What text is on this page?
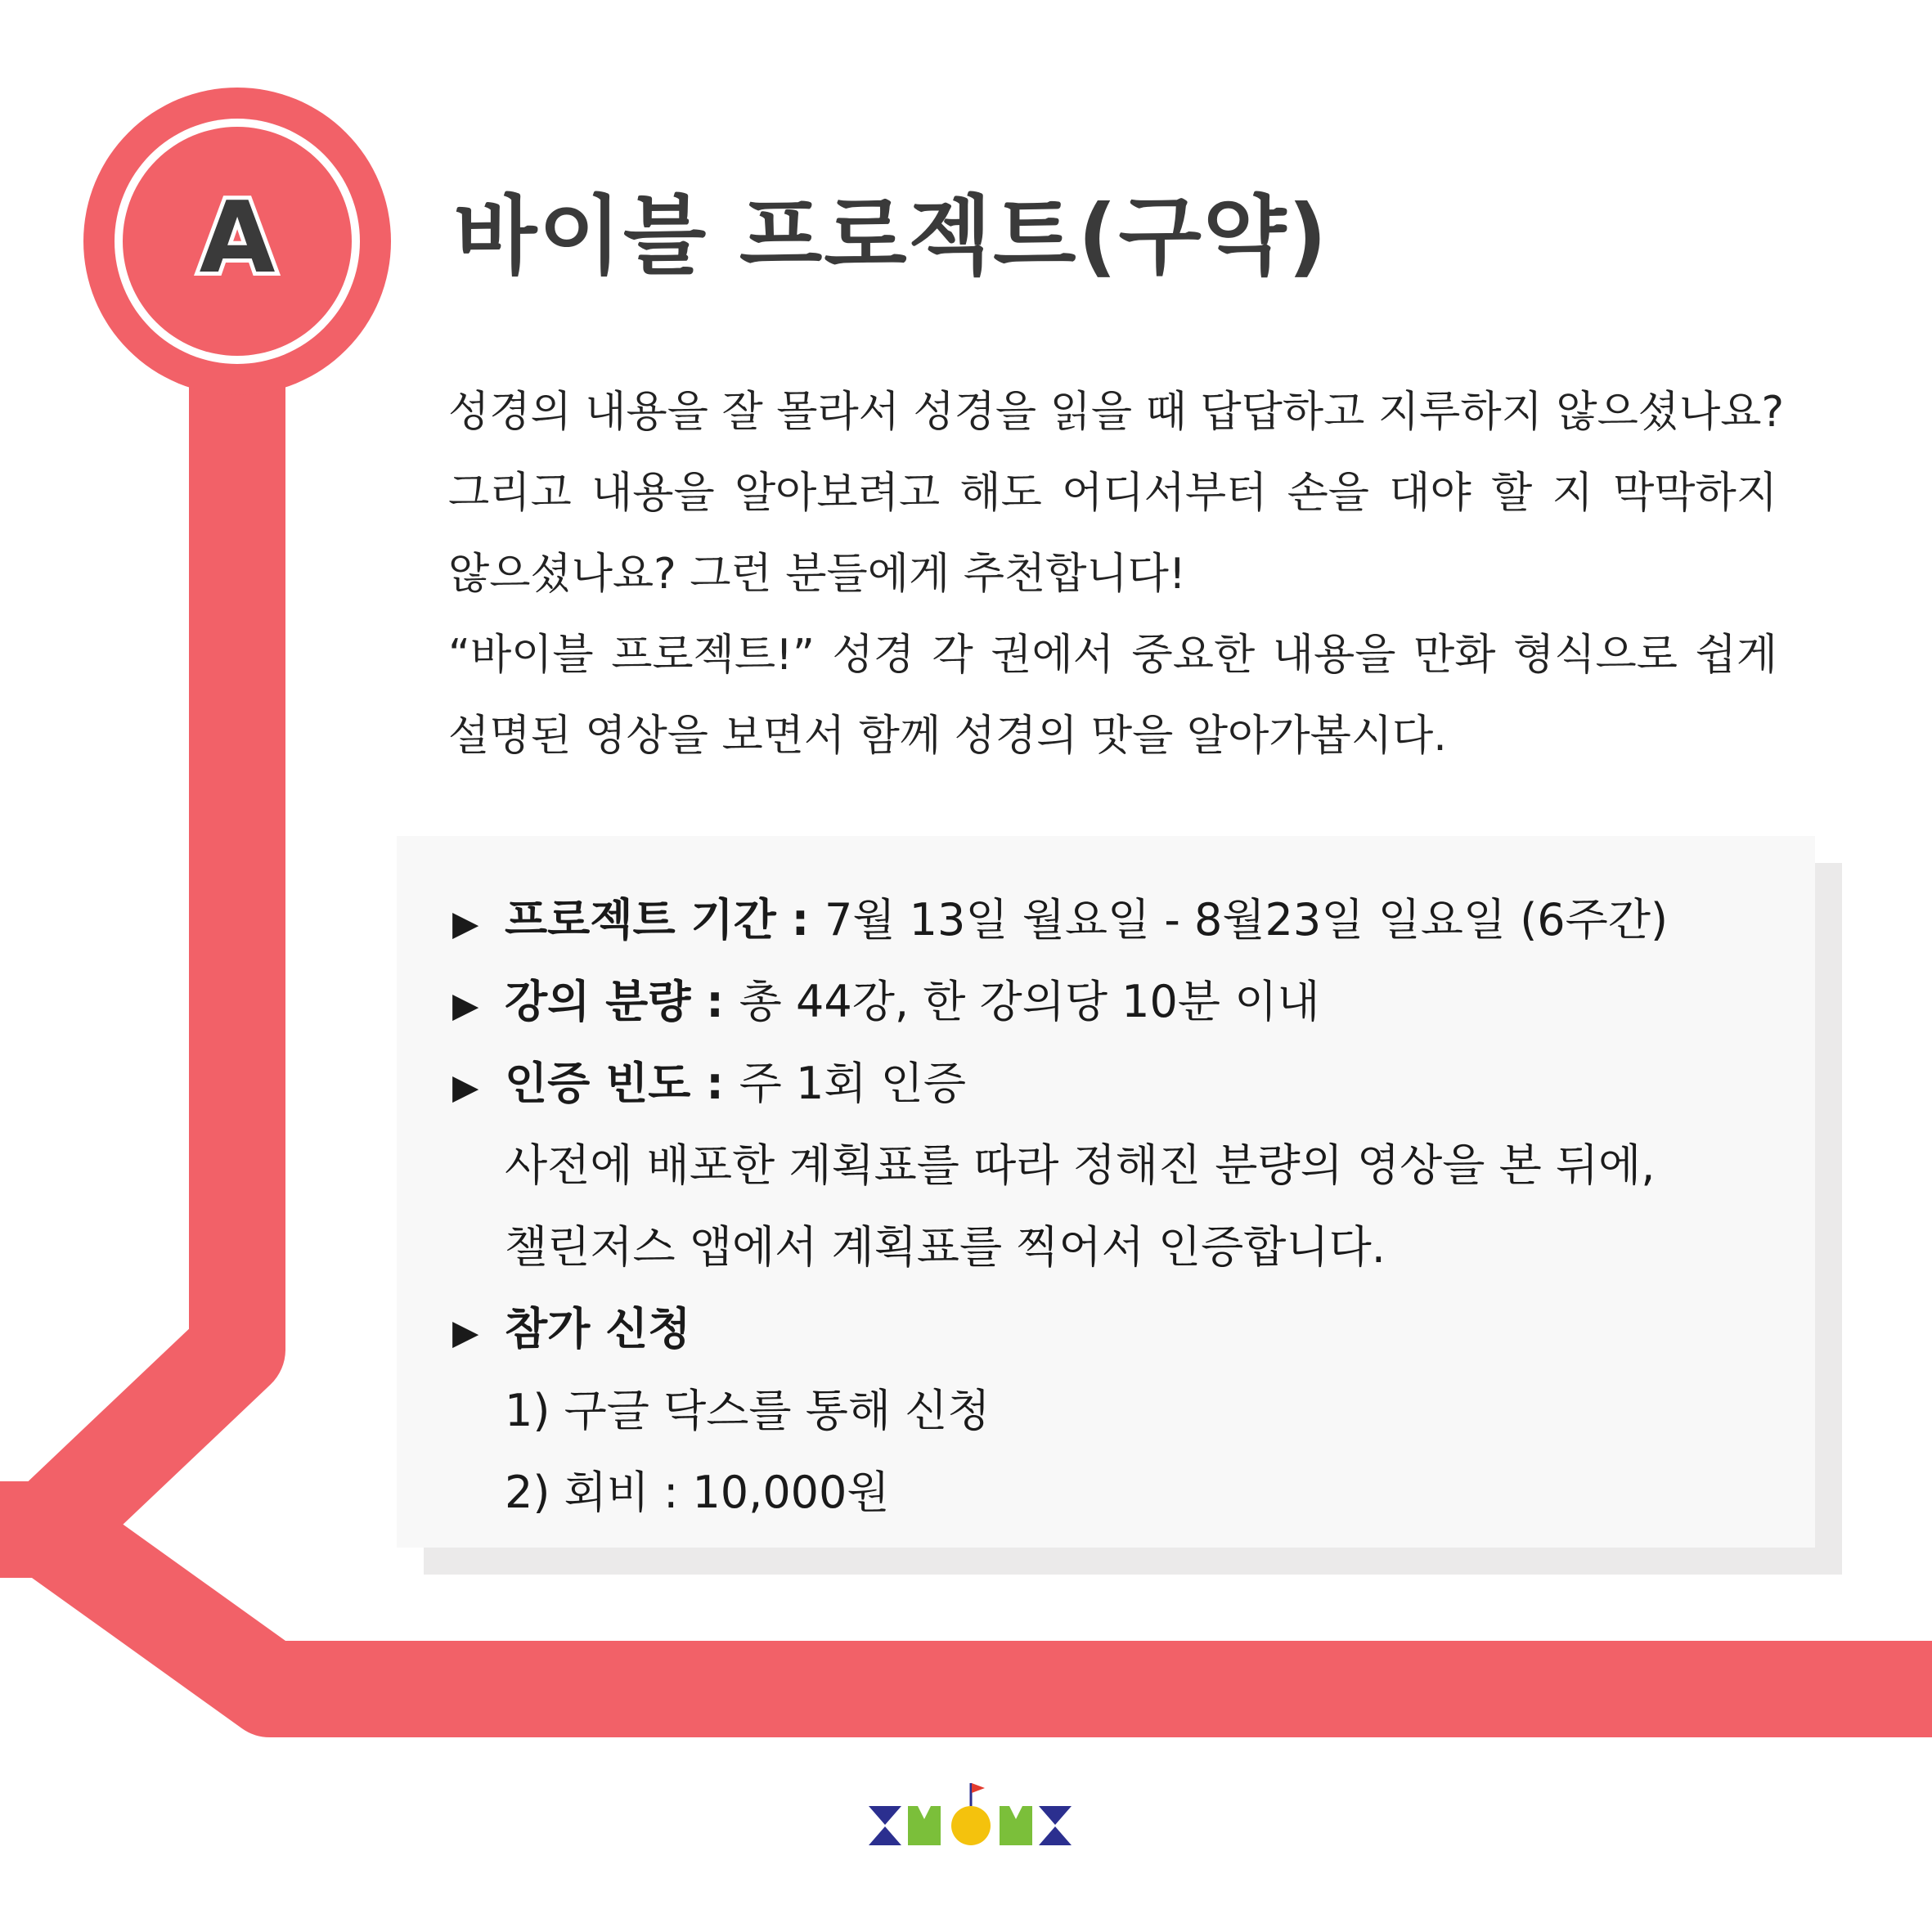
A 바이블 프로젝트(구약)
성경의 내용을 잘 몰라서 성경을 읽을 때 답답하고 지루하지 않으셨나요?
그리고 내용을 알아보려고 해도 어디서부터 손을 대야 할 지 막막하지
않으셨나요? 그런 분들에게 추천합니다!
“바이블 프로젝트!” 성경 각 권에서 중요한 내용을 만화 형식으로 쉽게
설명된 영상을 보면서 함께 성경의 맛을 알아가봅시다.
▶ 프로젝트 기간 : 7월 13일 월요일 - 8월23일 일요일 (6주간)
▶ 강의 분량 : 총 44강, 한 강의당 10분 이내
▶ 인증 빈도 : 주 1회 인증
사전에 배포한 계획표를 따라 정해진 분량의 영상을 본 뒤에,
챌린저스 앱에서 계획표를 찍어서 인증합니다.
▶ 참가 신청
1) 구글 닥스를 통해 신청
2) 회비 : 10,000원
